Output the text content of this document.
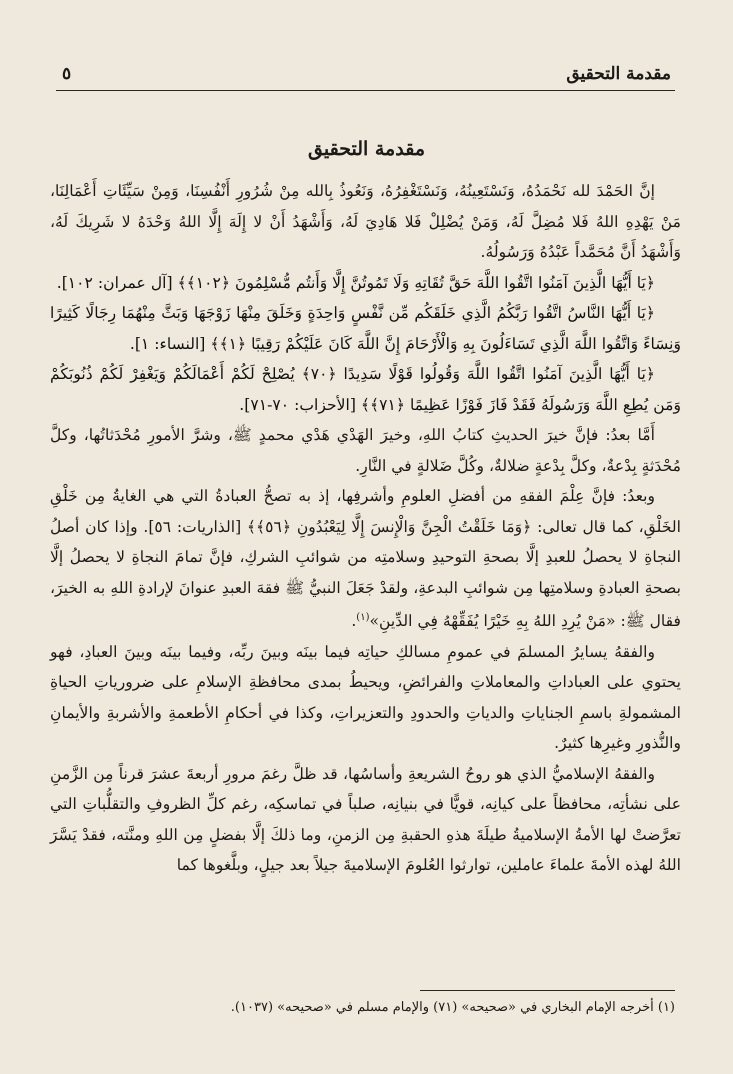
مقدمة التحقيق
٥
مقدمة التحقيق

إنَّ الحَمْدَ لله نَحْمَدُهُ، وَنَسْتَعِينُهُ، وَنَسْتَغْفِرُهُ، وَنَعُوذُ بِالله مِنْ شُرُورِ أَنْفُسِنَا، وَمِنْ سَيِّئَاتِ أَعْمَالِنَا، مَنْ يَهْدِهِ اللهُ فَلا مُضِلَّ لَهُ، وَمَنْ يُضْلِلْ فَلا هَادِيَ لَهُ، وَأَشْهَدُ أَنْ لا إِلَهَ إِلَّا اللهُ وَحْدَهُ لا شَرِيكَ لَهُ، وَأَشْهَدُ أَنَّ مُحَمَّداً عَبْدُهُ وَرَسُولُهُ.

﴿يَا أَيُّهَا الَّذِينَ آمَنُوا اتَّقُوا اللَّهَ حَقَّ تُقَاتِهِ وَلَا تَمُوتُنَّ إِلَّا وَأَنتُم مُّسْلِمُونَ ﴿١٠٢﴾﴾ [آل عمران: ١٠٢].

﴿يَا أَيُّهَا النَّاسُ اتَّقُوا رَبَّكُمُ الَّذِي خَلَقَكُم مِّن نَّفْسٍ وَاحِدَةٍ وَخَلَقَ مِنْهَا زَوْجَهَا وَبَثَّ مِنْهُمَا رِجَالًا كَثِيرًا وَنِسَاءً وَاتَّقُوا اللَّهَ الَّذِي تَسَاءَلُونَ بِهِ وَالْأَرْحَامَ إِنَّ اللَّهَ كَانَ عَلَيْكُمْ رَقِيبًا ﴿١﴾﴾ [النساء: ١].

﴿يَا أَيُّهَا الَّذِينَ آمَنُوا اتَّقُوا اللَّهَ وَقُولُوا قَوْلًا سَدِيدًا ﴿٧٠﴾ يُصْلِحْ لَكُمْ أَعْمَالَكُمْ وَيَغْفِرْ لَكُمْ ذُنُوبَكُمْ وَمَن يُطِعِ اللَّهَ وَرَسُولَهُ فَقَدْ فَازَ فَوْزًا عَظِيمًا ﴿٧١﴾﴾ [الأحزاب: ٧٠-٧١].

أَمَّا بعدُ: فإنَّ خيرَ الحديثِ كتابُ اللهِ، وخيرَ الهَدْي هَدْي محمدٍ ﷺ، وشرَّ الأمورِ مُحْدَثاتُها، وكلَّ مُحْدَثةٍ بِدْعةٌ، وكلَّ بِدْعةٍ ضلالةٌ، وكُلَّ ضَلالةٍ في النَّارِ.

وبعدُ: فإنَّ عِلْمَ الفقهِ من أفضلِ العلومِ وأشرفِها، إذ به تصحُّ العبادةُ التي هي الغايةُ مِن خَلْقِ الخَلْقِ، كما قال تعالى: ﴿وَمَا خَلَقْتُ الْجِنَّ وَالْإِنسَ إِلَّا لِيَعْبُدُونِ ﴿٥٦﴾﴾ [الذاريات: ٥٦]. وإذا كان أصلُ النجاةِ لا يحصلُ للعبدِ إلَّا بصحةِ التوحيدِ وسلامتِه من شوائبِ الشركِ، فإنَّ تمامَ النجاةِ لا يحصلُ إلَّا بصحةِ العبادةِ وسلامتِها مِن شوائبِ البدعةِ، ولقدْ جَعَلَ النبيُّ ﷺ فقهَ العبدِ عنوانَ لإرادةِ اللهِ به الخيرَ، فقال ﷺ: «مَنْ يُرِدِ اللهُ بِهِ خَيْرًا يُفَقِّهْهُ فِي الدِّينِ»$^{(١)}$.

والفقهُ يسايرُ المسلمَ في عمومِ مسالكِ حياتِه فيما بينَه وبينَ ربِّه، وفيما بينَه وبينَ العبادِ، فهو يحتوي على العباداتِ والمعاملاتِ والفرائضِ، ويحيطُ بمدى محافظةِ الإسلامِ على ضرورياتِ الحياةِ المشمولةِ باسمِ الجناياتِ والدياتِ والحدودِ والتعزيراتِ، وكذا في أحكامِ الأطعمةِ والأشربةِ والأيمانِ والنُّذورِ وغيرِها كثيرٌ.

والفقهُ الإسلاميُّ الذي هو روحُ الشريعةِ وأساسُها، قد ظلَّ رغمَ مرورِ أربعةَ عشرَ قرناً مِن الزَّمنِ على نشأتِه، محافظاً على كيانِه، قويًّا في بنيانِه، صلباً في تماسكِه، رغم كلِّ الظروفِ والتقلُّباتِ التي تعرَّضتْ لها الأمةُ الإسلاميةُ طيلَةَ هذهِ الحقبةِ مِن الزمنِ، وما ذلكَ إلَّا بفضلٍ مِن اللهِ ومنَّته، فقدْ يَسَّرَ اللهُ لهذه الأمةَ علماءَ عاملين، توارثوا العُلومَ الإسلاميةَ جيلاً بعد جيلٍ، وبلَّغوها كما

(١) أخرجه الإمام البخاري في «صحيحه» (٧١) والإمام مسلم في «صحيحه» (١٠٣٧).
